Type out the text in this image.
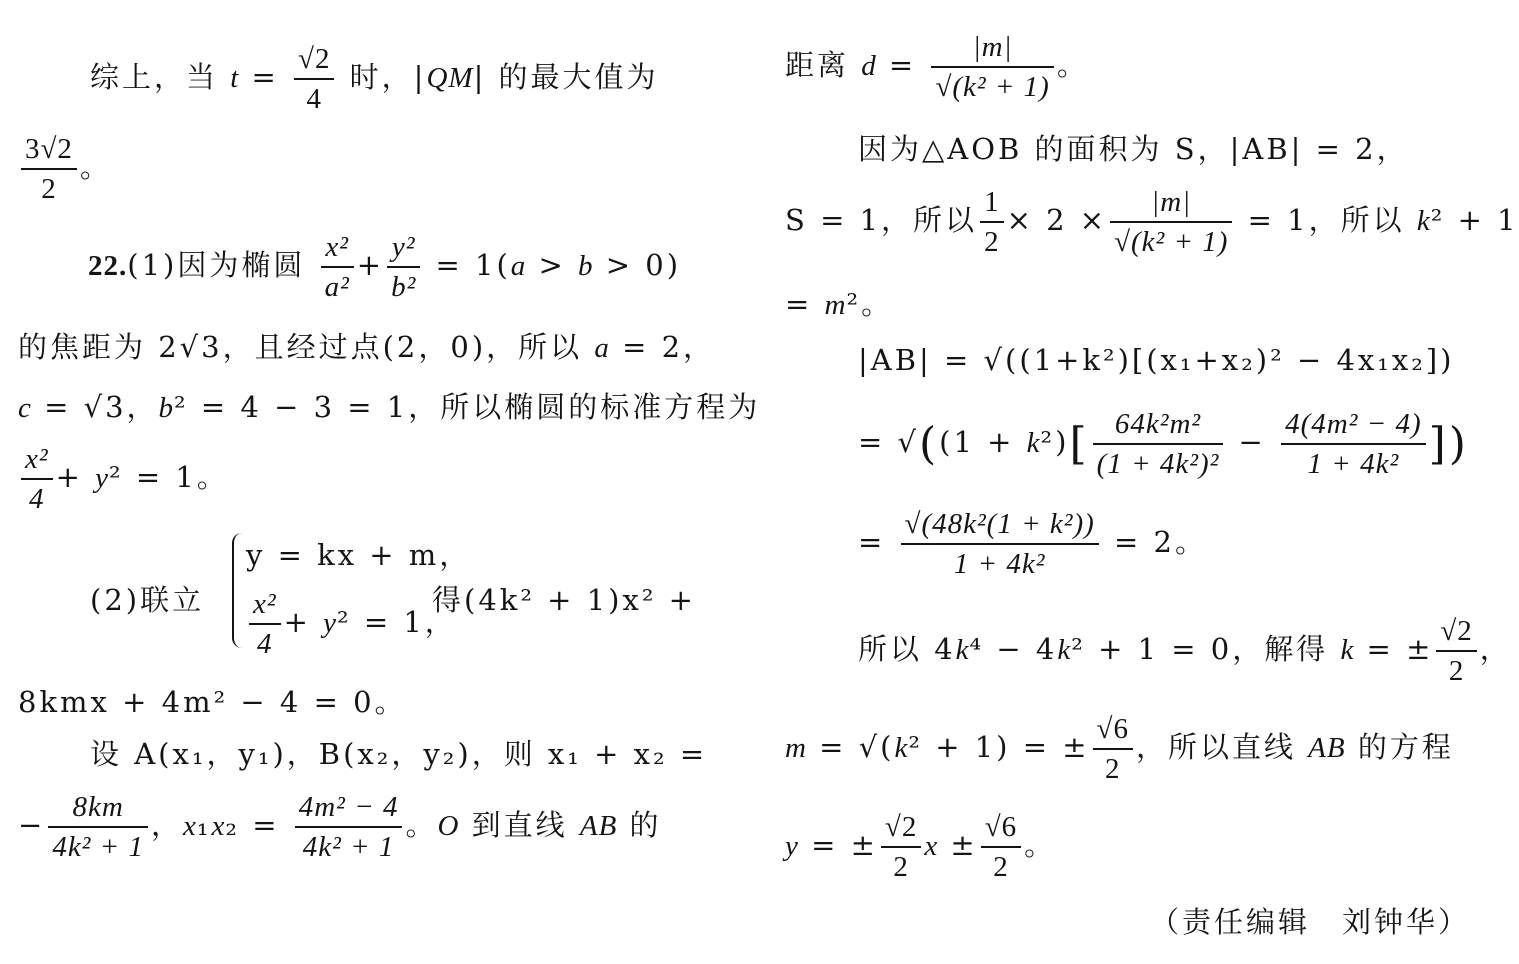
综上，当 $t = \frac{√2}{4}$ 时，|QM| 的最大值为
$\frac{3√2}{2}$ 。
22.(1)因为椭圆 $\frac{\text{x²}}{\text{a²}} + \frac{\text{y²}}{\text{b²}} = 1(a > b > 0)$
的焦距为 2√3，且经过点(2，0)，所以 a = 2，
c = √3，b² = 4 − 3 = 1，所以椭圆的标准方程为
$\frac{\text{x²}}{4} + y^2 = 1$。
(2)联立
y = kx + m，
$\frac{\text{x²}}{4} + y^2 = 1$，
得(4k² + 1)x² +
8kmx + 4m² − 4 = 0。
设 A(x₁，y₁)，B(x₂，y₂)，则 x₁ + x₂ =
− $\frac{8km}{\text{4k² + 1}}$ ，$x_1x_2 = \frac{\text{4m² − 4}}{\text{4k² + 1}}$ 。O 到直线 AB 的
距离 $d = \frac{|m|}{\text{√(k² + 1)}}$ 。
因为△AOB 的面积为 S，|AB| = 2，
S = 1，所以 $\frac{1}{2} \times 2 \times \frac{|m|}{\text{√(k² + 1)}} = 1$，所以 k² + 1
= m²。
|AB| = √((1+k²)[(x₁+x₂)² − 4x₁x₂])
= $√((1 + k^2)[ \frac{\text{64k²m²}}{\text{(1 + 4k²)²}} - \frac{\text{4(4m² − 4)}}{\text{1 + 4k²}}$ ])
= $\frac{\text{√(48k²(1 + k²))}}{\text{1 + 4k²}} = 2$。
所以 4k⁴ − 4k² + 1 = 0，解得 k = ± $\frac{√2}{2}$ ，
m = √(k² + 1) = ± $\frac{√6}{2}$ ，所以直线 AB 的方程
y = ± $\frac{√2}{2}$ $x \pm \frac{√6}{2}$ 。
（责任编辑　刘钟华）
